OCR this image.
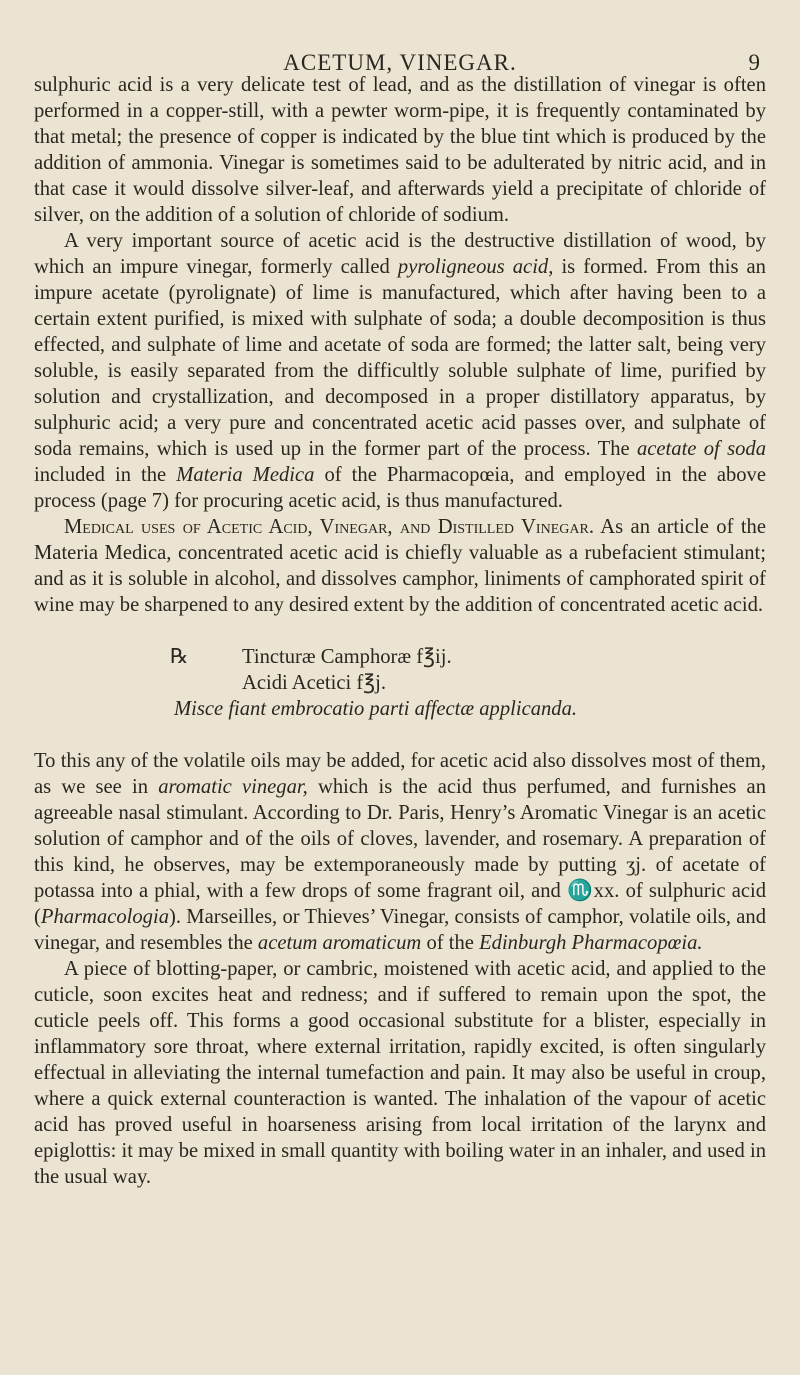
ACETUM, VINEGAR.	9

sulphuric acid is a very delicate test of lead, and as the distillation of vinegar is often performed in a copper-still, with a pewter worm-pipe, it is frequently contaminated by that metal; the presence of copper is indicated by the blue tint which is produced by the addition of ammonia. Vinegar is sometimes said to be adulterated by nitric acid, and in that case it would dissolve silver-leaf, and afterwards yield a precipitate of chloride of silver, on the addition of a solution of chloride of sodium.

A very important source of acetic acid is the destructive distillation of wood, by which an impure vinegar, formerly called pyroligneous acid, is formed. From this an impure acetate (pyrolignate) of lime is manufactured, which after having been to a certain extent purified, is mixed with sulphate of soda; a double decomposition is thus effected, and sulphate of lime and acetate of soda are formed; the latter salt, being very soluble, is easily separated from the difficultly soluble sulphate of lime, purified by solution and crystallization, and decomposed in a proper distillatory apparatus, by sulphuric acid; a very pure and concentrated acetic acid passes over, and sulphate of soda remains, which is used up in the former part of the process. The acetate of soda included in the Materia Medica of the Pharmacopœia, and employed in the above process (page 7) for procuring acetic acid, is thus manufactured.

Medical uses of Acetic Acid, Vinegar, and Distilled Vinegar. As an article of the Materia Medica, concentrated acetic acid is chiefly valuable as a rubefacient stimulant; and as it is soluble in alcohol, and dissolves camphor, liniments of camphorated spirit of wine may be sharpened to any desired extent by the addition of concentrated acetic acid.

℞	Tincturæ Camphoræ f℥ij.
Acidi Acetici f℥j.
Misce fiant embrocatio parti affectæ applicanda.

To this any of the volatile oils may be added, for acetic acid also dissolves most of them, as we see in aromatic vinegar, which is the acid thus perfumed, and furnishes an agreeable nasal stimulant. According to Dr. Paris, Henry’s Aromatic Vinegar is an acetic solution of camphor and of the oils of cloves, lavender, and rosemary. A preparation of this kind, he observes, may be extemporaneously made by putting ʒj. of acetate of potassa into a phial, with a few drops of some fragrant oil, and ♏xx. of sulphuric acid (Pharmacologia). Marseilles, or Thieves’ Vinegar, consists of camphor, volatile oils, and vinegar, and resembles the acetum aromaticum of the Edinburgh Pharmacopœia.

A piece of blotting-paper, or cambric, moistened with acetic acid, and applied to the cuticle, soon excites heat and redness; and if suffered to remain upon the spot, the cuticle peels off. This forms a good occasional substitute for a blister, especially in inflammatory sore throat, where external irritation, rapidly excited, is often singularly effectual in alleviating the internal tumefaction and pain. It may also be useful in croup, where a quick external counteraction is wanted. The inhalation of the vapour of acetic acid has proved useful in hoarseness arising from local irritation of the larynx and epiglottis: it may be mixed in small quantity with boiling water in an inhaler, and used in the usual way.
